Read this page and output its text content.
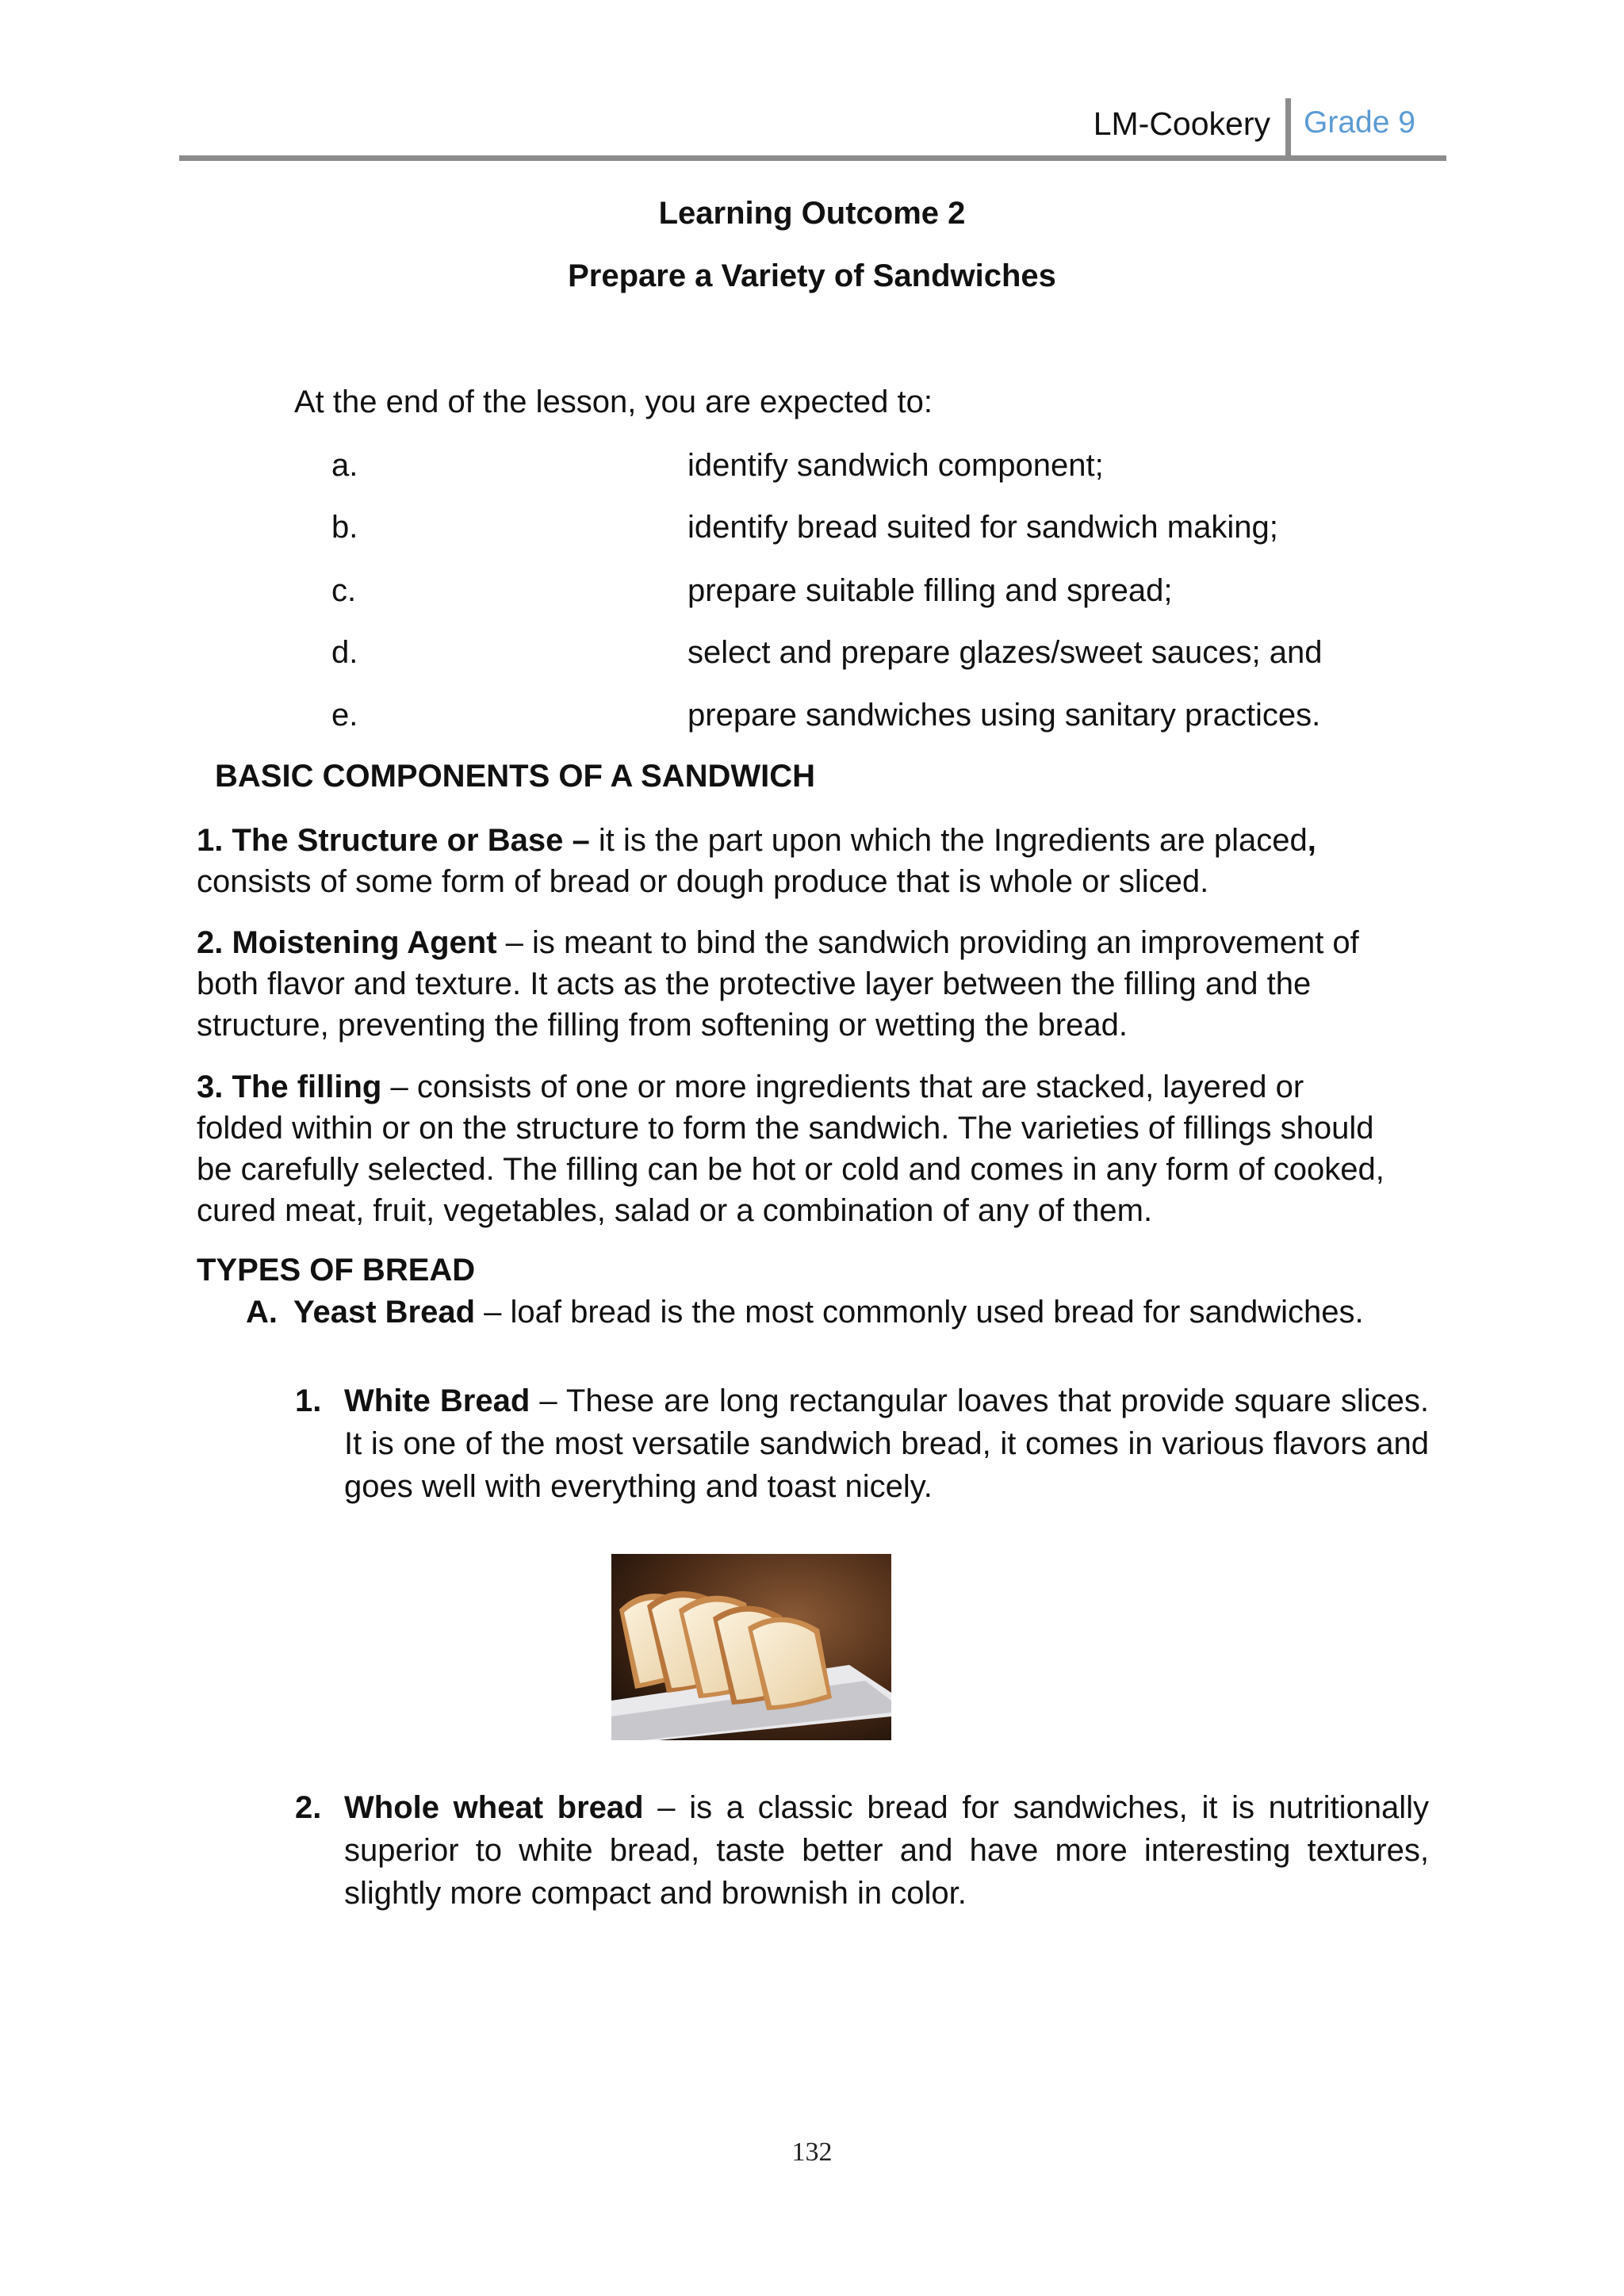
LM-Cookery Grade 9
Learning Outcome 2
Prepare a Variety of Sandwiches
At the end of the lesson, you are expected to:
a.	identify sandwich component;
b.	identify bread suited for sandwich making;
c.	prepare suitable filling and spread;
d.	select and prepare glazes/sweet sauces; and
e.	prepare sandwiches using sanitary practices.
BASIC COMPONENTS OF A SANDWICH

1. The Structure or Base – it is the part upon which the Ingredients are placed,

consists of some form of bread or dough produce that is whole or sliced.

2. Moistening Agent – is meant to bind the sandwich providing an improvement of

both flavor and texture. It acts as the protective layer between the filling and the

structure, preventing the filling from softening or wetting the bread.

3. The filling – consists of one or more ingredients that are stacked, layered or

folded within or on the structure to form the sandwich. The varieties of fillings should

be carefully selected. The filling can be hot or cold and comes in any form of cooked,

cured meat, fruit, vegetables, salad or a combination of any of them.

TYPES OF BREAD
A. Yeast Bread – loaf bread is the most commonly used bread for sandwiches.
1. White Bread – These are long rectangular loaves that provide square slices. It is one of the most versatile sandwich bread, it comes in various flavors and goes well with everything and toast nicely.
2. Whole wheat bread – is a classic bread for sandwiches, it is nutritionally superior to white bread, taste better and have more interesting textures, slightly more compact and brownish in color.
132
